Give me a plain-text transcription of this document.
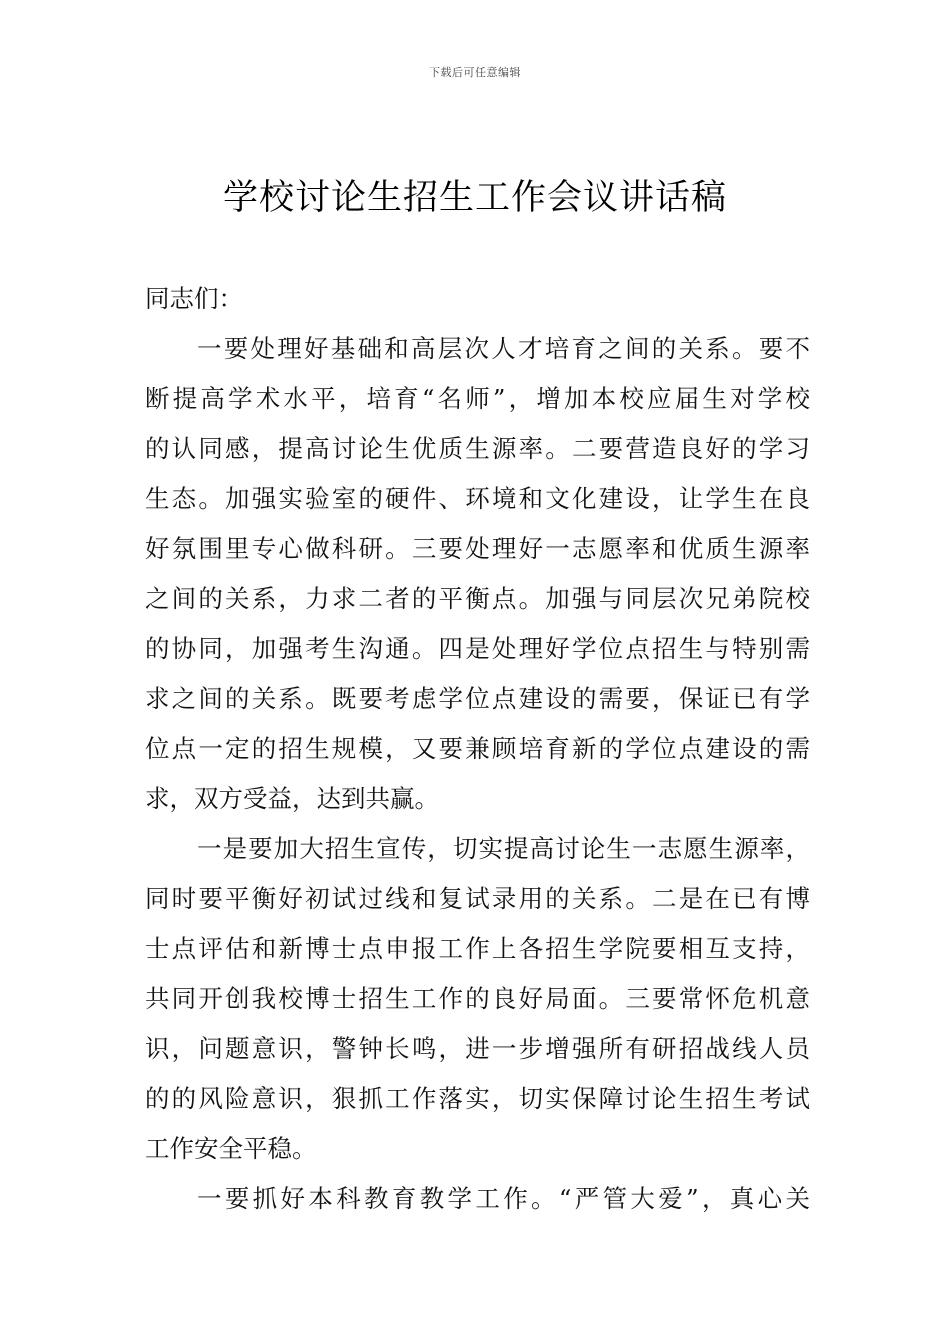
下载后可任意编辑
学校讨论生招生工作会议讲话稿
同志们：
一要处理好基础和高层次人才培育之间的关系。要不
断提高学术水平，培育“名师”，增加本校应届生对学校
的认同感，提高讨论生优质生源率。二要营造良好的学习
生态。加强实验室的硬件、环境和文化建设，让学生在良
好氛围里专心做科研。三要处理好一志愿率和优质生源率
之间的关系，力求二者的平衡点。加强与同层次兄弟院校
的协同，加强考生沟通。四是处理好学位点招生与特别需
求之间的关系。既要考虑学位点建设的需要，保证已有学
位点一定的招生规模，又要兼顾培育新的学位点建设的需
求，双方受益，达到共赢。
一是要加大招生宣传，切实提高讨论生一志愿生源率，
同时要平衡好初试过线和复试录用的关系。二是在已有博
士点评估和新博士点申报工作上各招生学院要相互支持，
共同开创我校博士招生工作的良好局面。三要常怀危机意
识，问题意识，警钟长鸣，进一步增强所有研招战线人员
的的风险意识，狠抓工作落实，切实保障讨论生招生考试
工作安全平稳。
一要抓好本科教育教学工作。“严管大爱”，真心关
